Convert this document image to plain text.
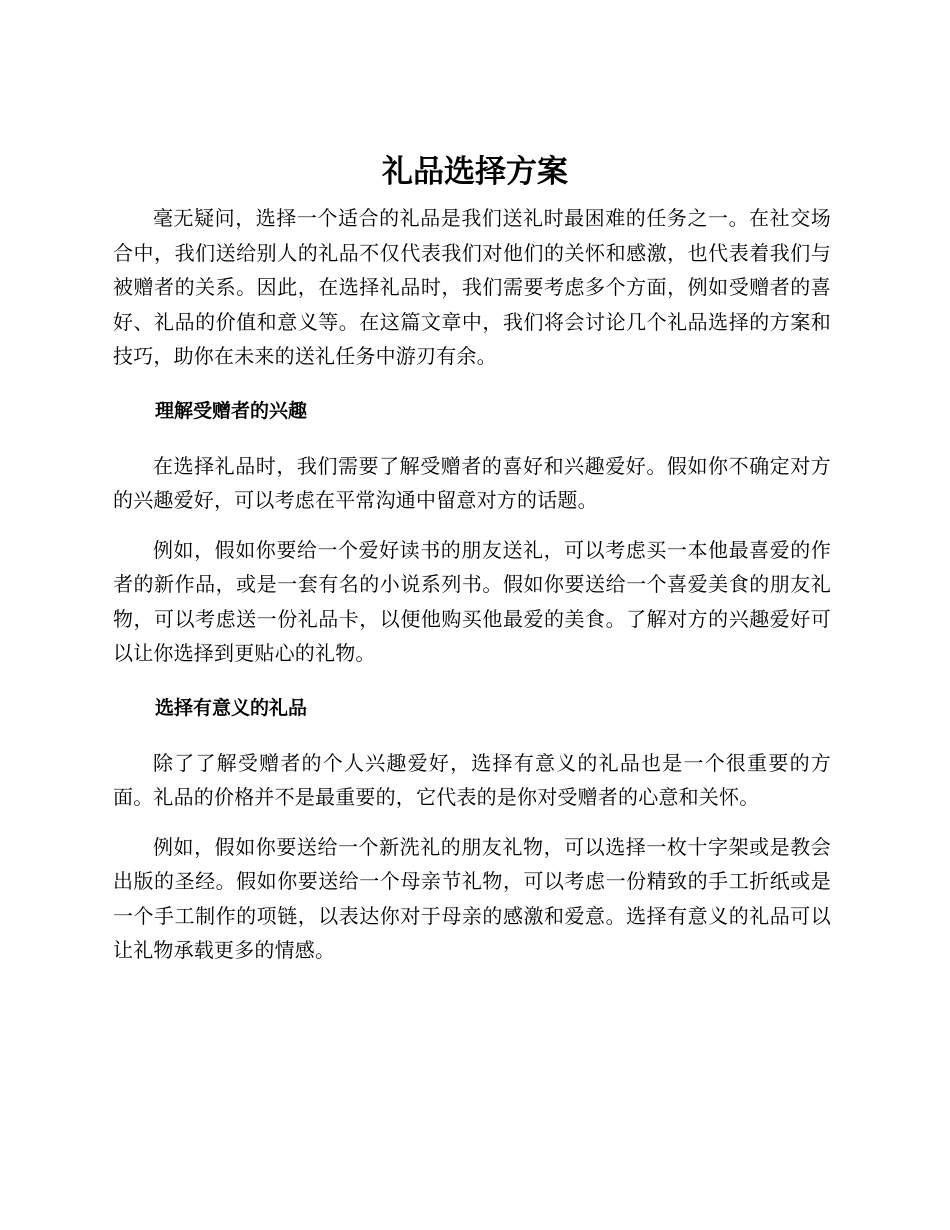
礼品选择方案

毫无疑问，选择一个适合的礼品是我们送礼时最困难的任务之一。在社交场合中，我们送给别人的礼品不仅代表我们对他们的关怀和感激，也代表着我们与被赠者的关系。因此，在选择礼品时，我们需要考虑多个方面，例如受赠者的喜好、礼品的价值和意义等。在这篇文章中，我们将会讨论几个礼品选择的方案和技巧，助你在未来的送礼任务中游刃有余。

理解受赠者的兴趣

在选择礼品时，我们需要了解受赠者的喜好和兴趣爱好。假如你不确定对方的兴趣爱好，可以考虑在平常沟通中留意对方的话题。

例如，假如你要给一个爱好读书的朋友送礼，可以考虑买一本他最喜爱的作者的新作品，或是一套有名的小说系列书。假如你要送给一个喜爱美食的朋友礼物，可以考虑送一份礼品卡，以便他购买他最爱的美食。了解对方的兴趣爱好可以让你选择到更贴心的礼物。

选择有意义的礼品

除了了解受赠者的个人兴趣爱好，选择有意义的礼品也是一个很重要的方面。礼品的价格并不是最重要的，它代表的是你对受赠者的心意和关怀。

例如，假如你要送给一个新洗礼的朋友礼物，可以选择一枚十字架或是教会出版的圣经。假如你要送给一个母亲节礼物，可以考虑一份精致的手工折纸或是一个手工制作的项链，以表达你对于母亲的感激和爱意。选择有意义的礼品可以让礼物承载更多的情感。
